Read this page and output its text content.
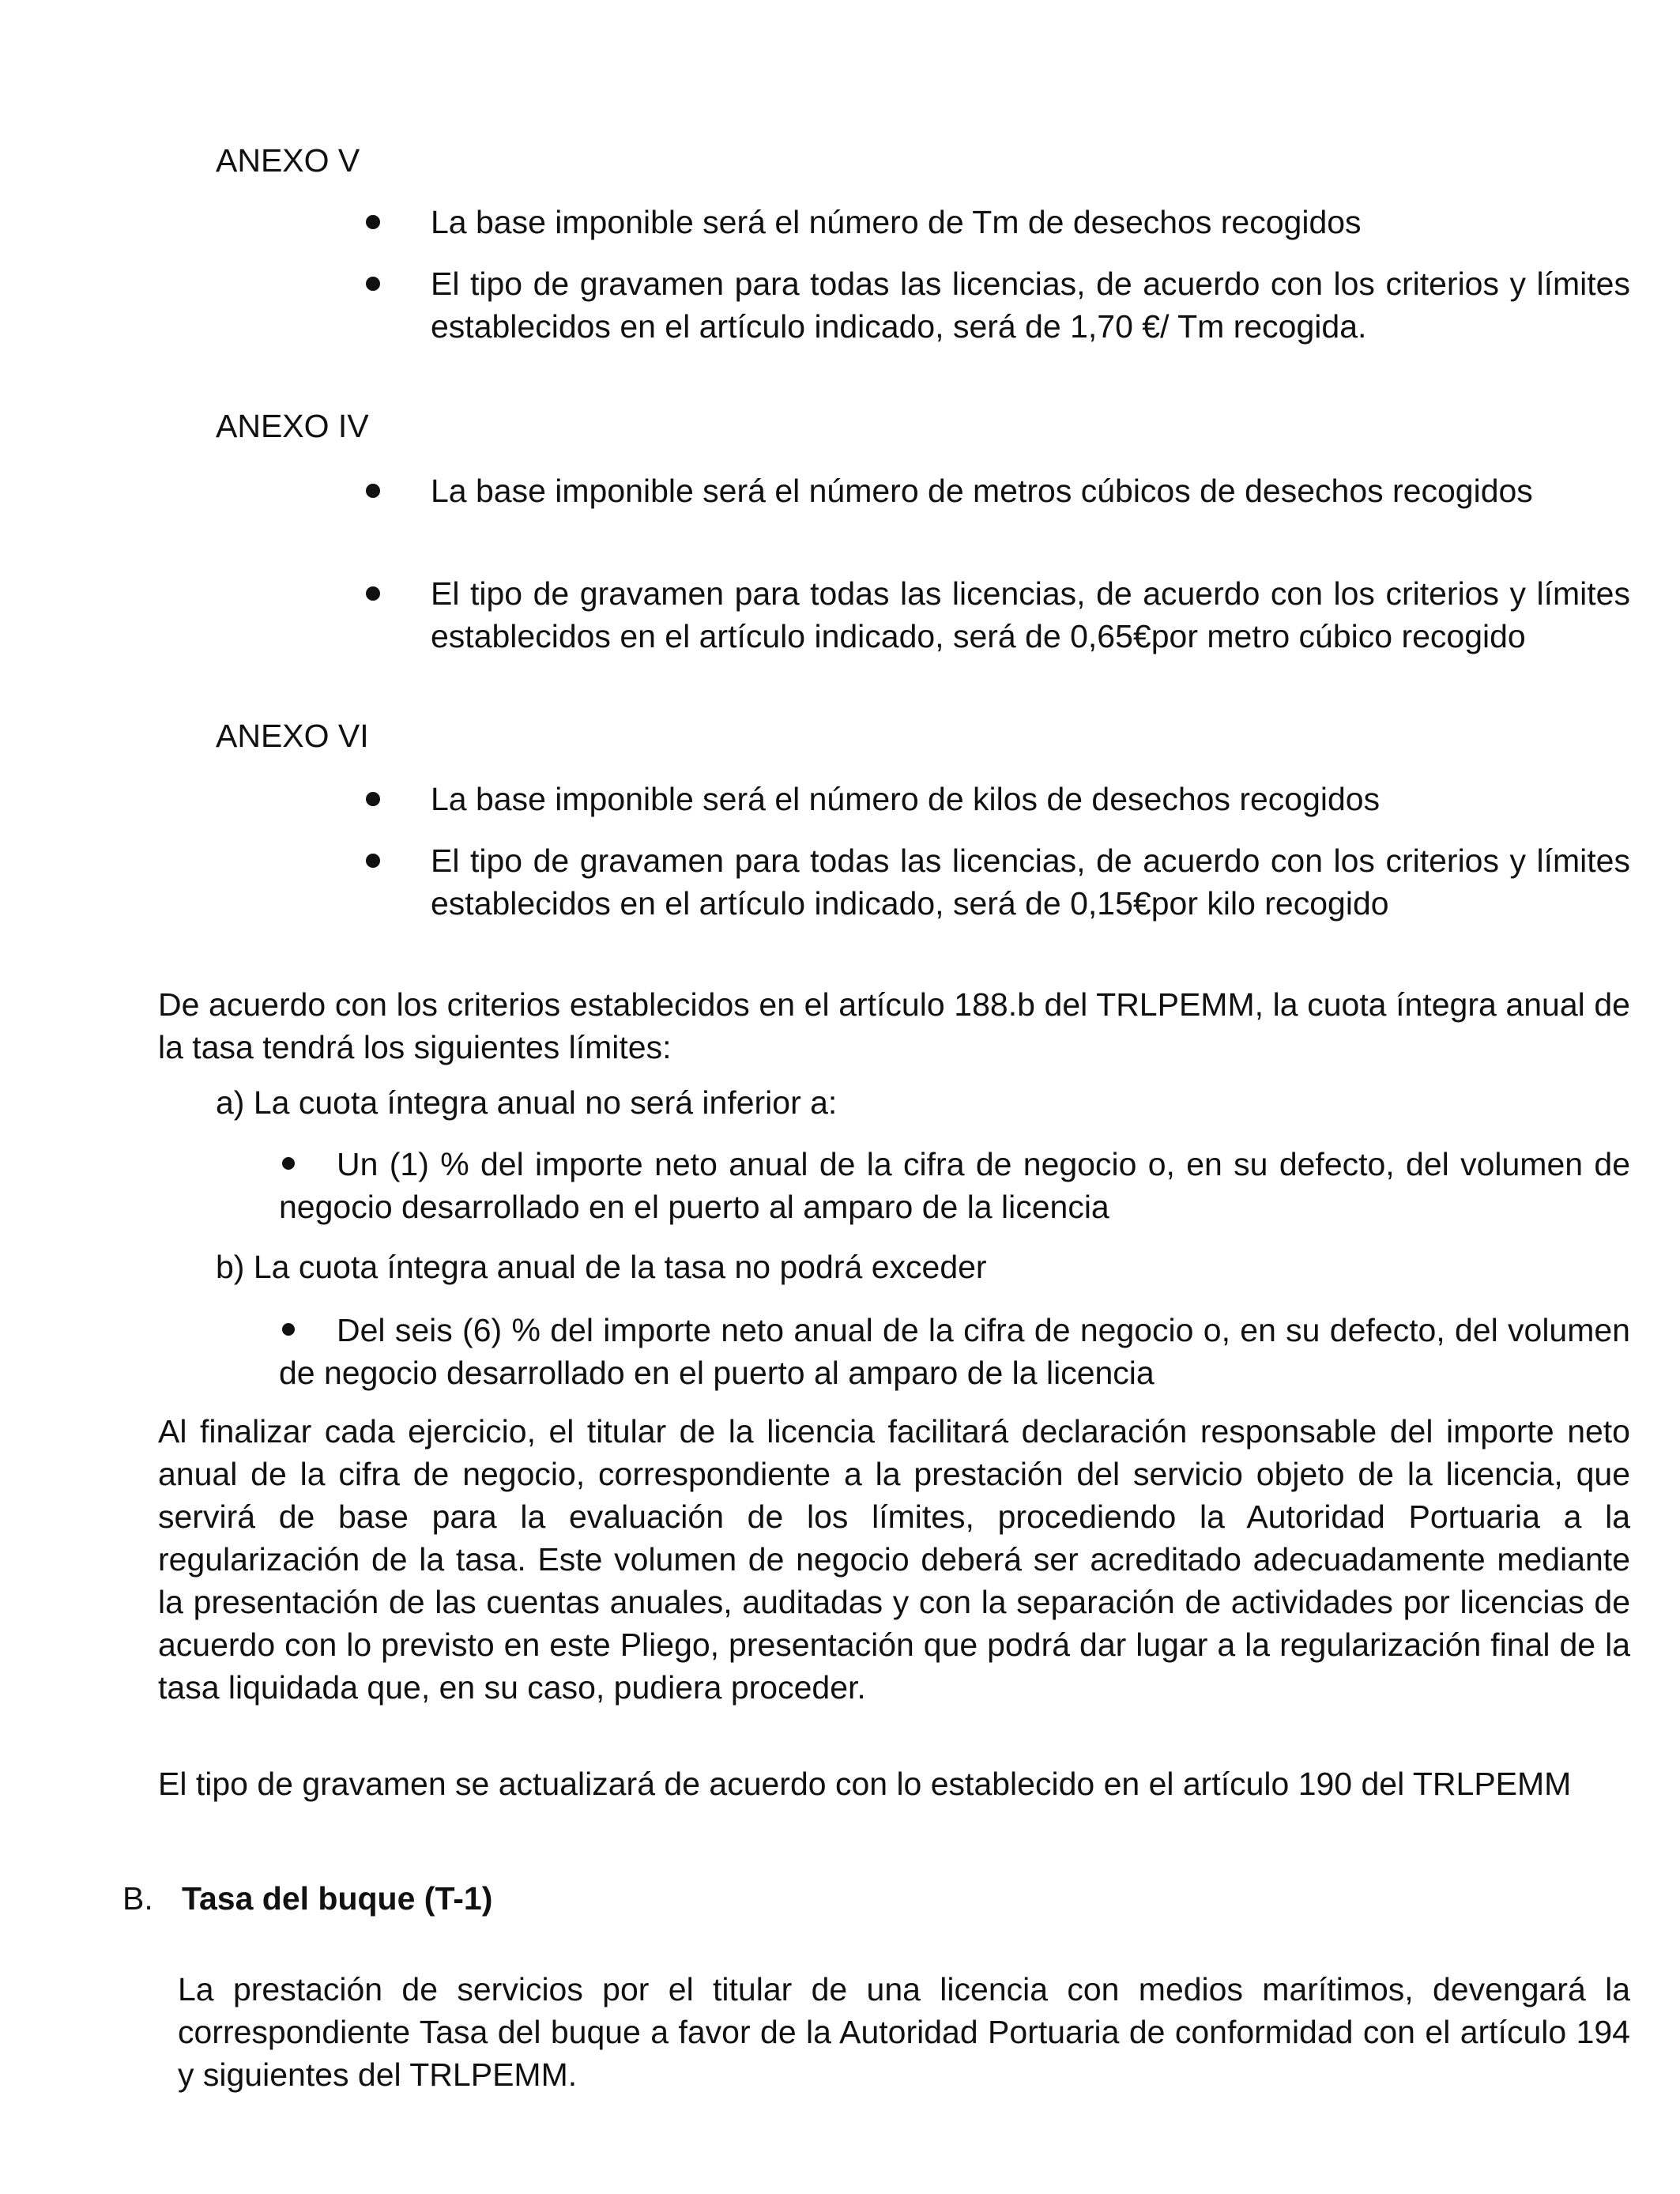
ANEXO V

La base imponible será el número de Tm de desechos recogidos

El tipo de gravamen para todas las licencias, de acuerdo con los criterios y límites establecidos en el artículo indicado, será de 1,70 €/ Tm recogida.

ANEXO IV

La base imponible será el número de metros cúbicos de desechos recogidos

El tipo de gravamen para todas las licencias, de acuerdo con los criterios y límites establecidos en el artículo indicado, será de 0,65€por metro cúbico recogido

ANEXO VI

La base imponible será el número de kilos de desechos recogidos

El tipo de gravamen para todas las licencias, de acuerdo con los criterios y límites establecidos en el artículo indicado, será de 0,15€por kilo recogido

De acuerdo con los criterios establecidos en el artículo 188.b del TRLPEMM, la cuota íntegra anual de la tasa tendrá los siguientes límites:

a) La cuota íntegra anual no será inferior a:

Un (1) % del importe neto anual de la cifra de negocio o, en su defecto, del volumen de negocio desarrollado en el puerto al amparo de la licencia

b) La cuota íntegra anual de la tasa no podrá exceder

Del seis (6) % del importe neto anual de la cifra de negocio o, en su defecto, del volumen de negocio desarrollado en el puerto al amparo de la licencia

Al finalizar cada ejercicio, el titular de la licencia facilitará declaración responsable del importe neto anual de la cifra de negocio, correspondiente a la prestación del servicio objeto de la licencia, que servirá de base para la evaluación de los límites, procediendo la Autoridad Portuaria a la regularización de la tasa. Este volumen de negocio deberá ser acreditado adecuadamente mediante la presentación de las cuentas anuales, auditadas y con la separación de actividades por licencias de acuerdo con lo previsto en este Pliego, presentación que podrá dar lugar a la regularización final de la tasa liquidada que, en su caso, pudiera proceder.

El tipo de gravamen se actualizará de acuerdo con lo establecido en el artículo 190 del TRLPEMM

B. Tasa del buque (T-1)

La prestación de servicios por el titular de una licencia con medios marítimos, devengará la correspondiente Tasa del buque a favor de la Autoridad Portuaria de conformidad con el artículo 194 y siguientes del TRLPEMM.
